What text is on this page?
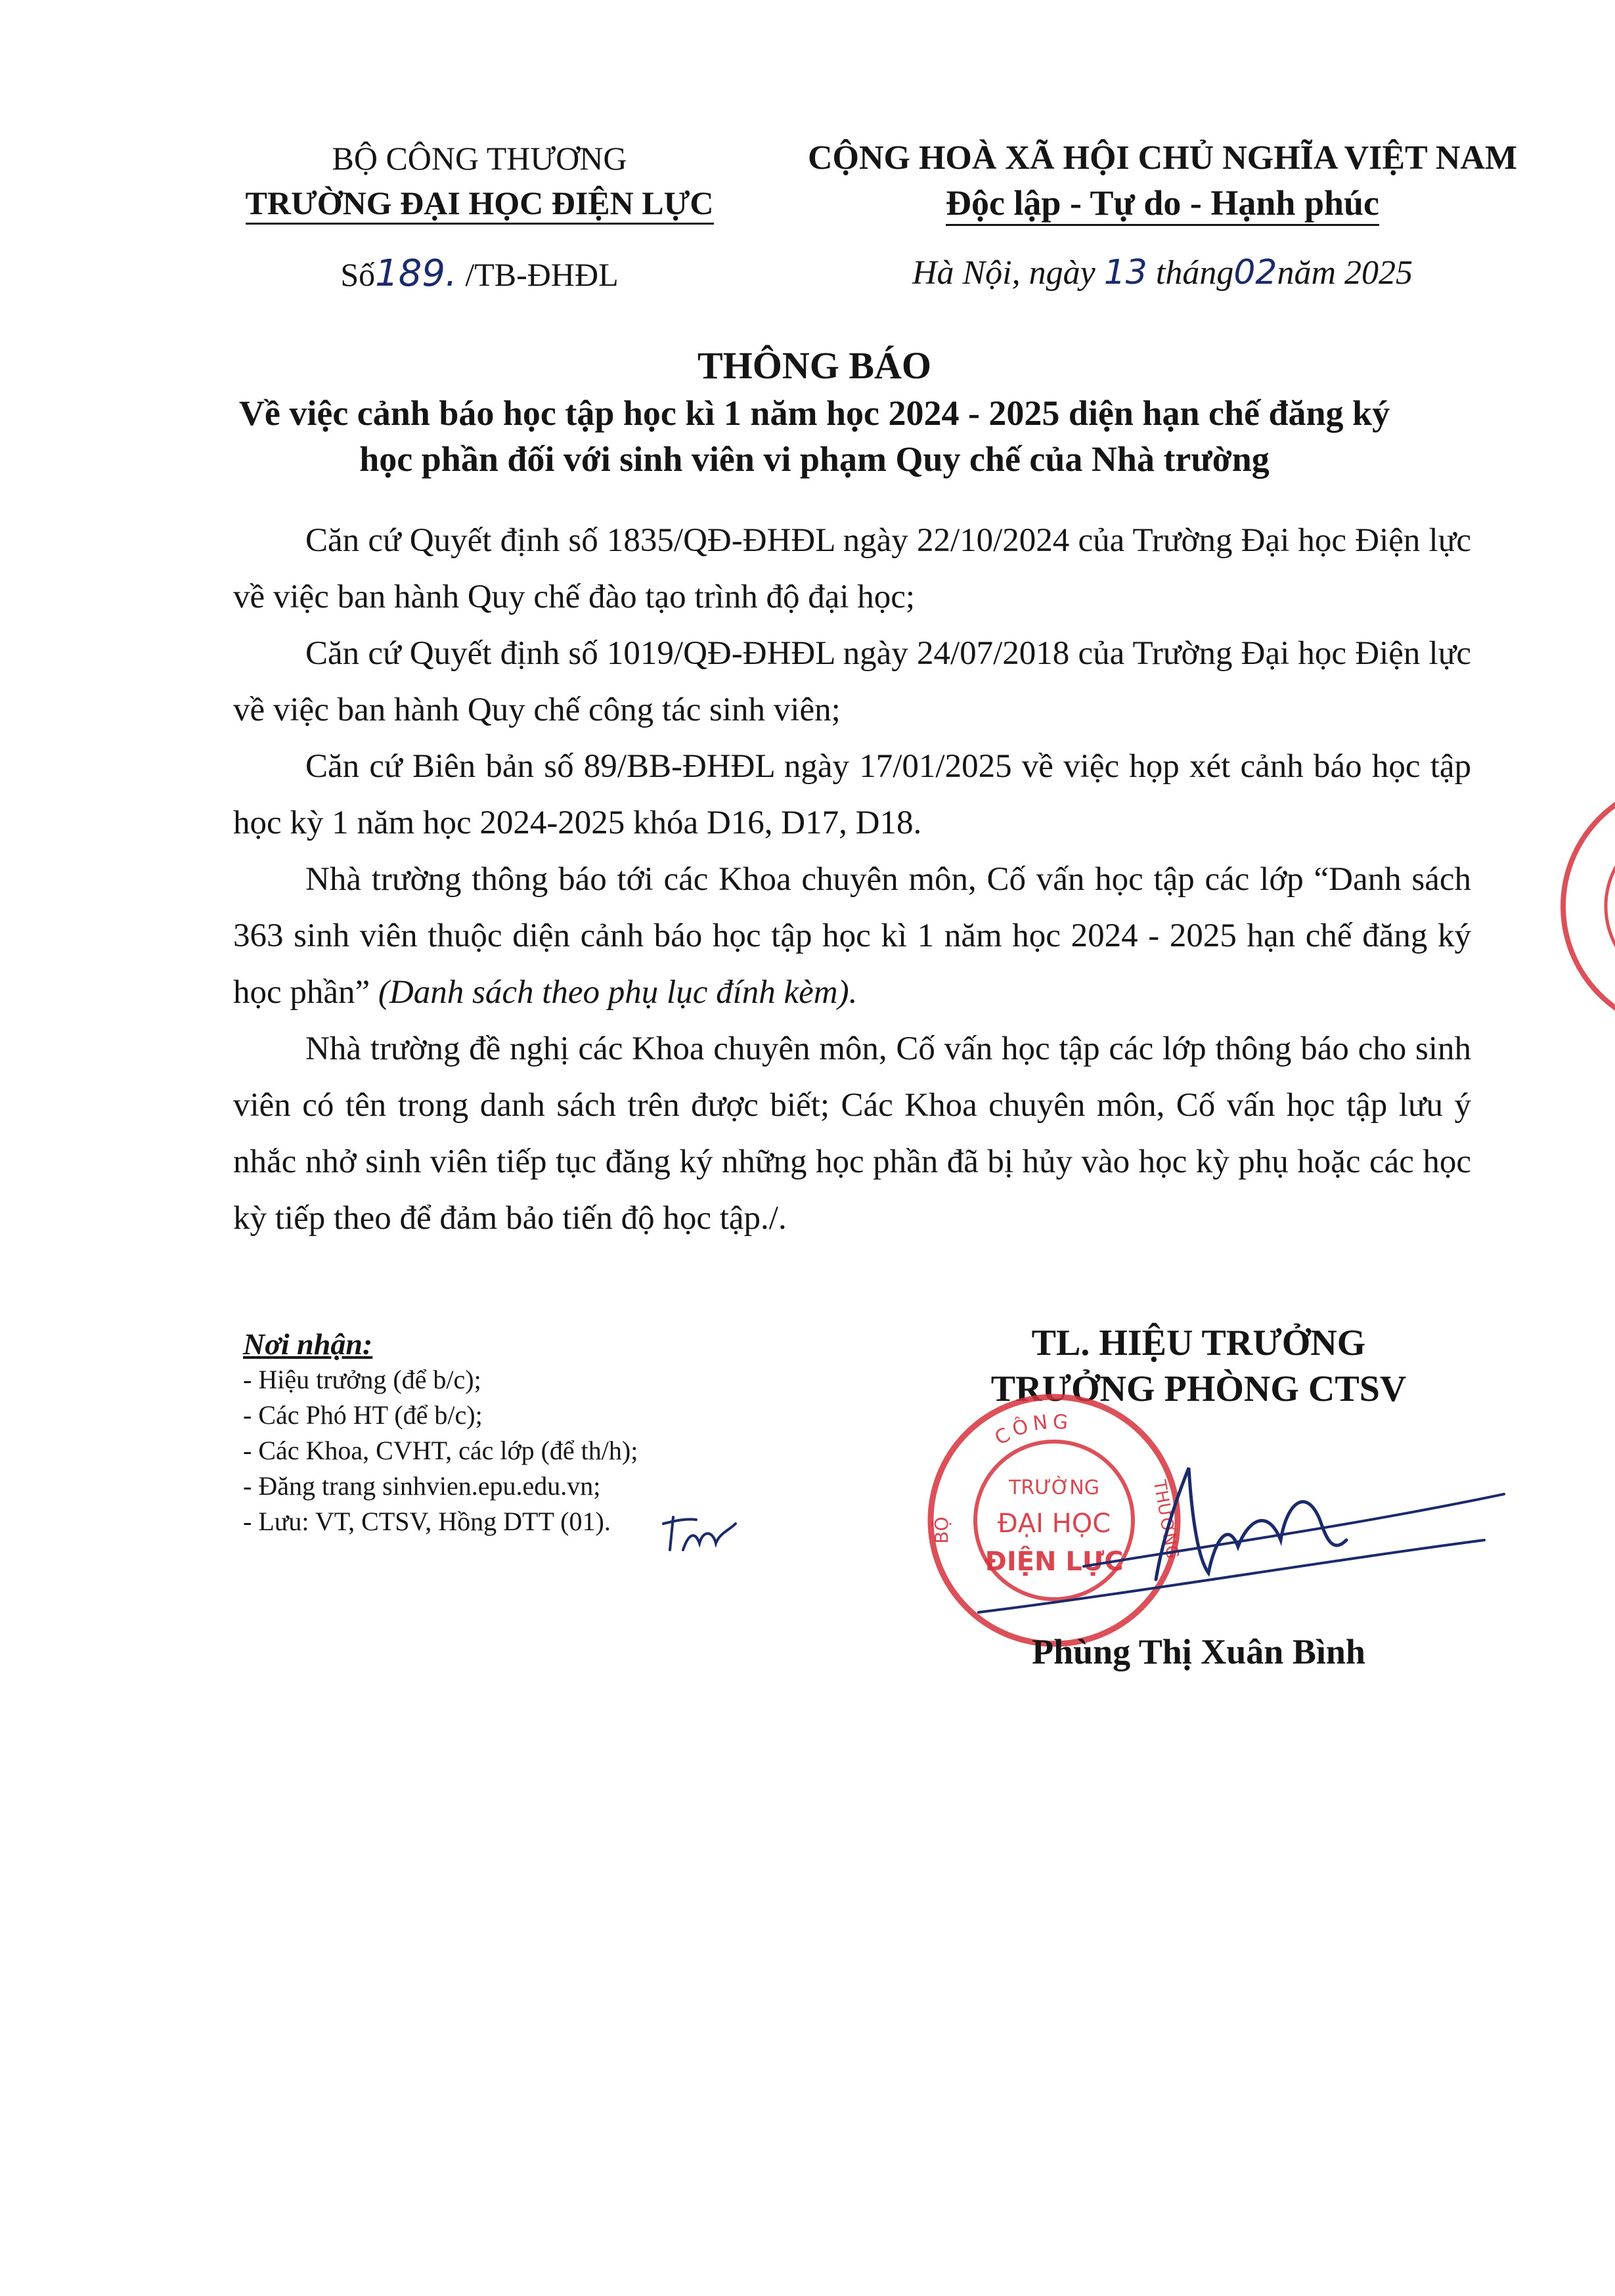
BỘ CÔNG THƯƠNG
TRƯỜNG ĐẠI HỌC ĐIỆN LỰC
Số189. /TB-ĐHĐL
CỘNG HOÀ XÃ HỘI CHỦ NGHĨA VIỆT NAM
Độc lập - Tự do - Hạnh phúc
Hà Nội, ngày 13 tháng02năm 2025
THÔNG BÁO
Về việc cảnh báo học tập học kì 1 năm học 2024 - 2025 diện hạn chế đăng ký
học phần đối với sinh viên vi phạm Quy chế của Nhà trường

Căn cứ Quyết định số 1835/QĐ-ĐHĐL ngày 22/10/2024 của Trường Đại học Điện lực về việc ban hành Quy chế đào tạo trình độ đại học;

Căn cứ Quyết định số 1019/QĐ-ĐHĐL ngày 24/07/2018 của Trường Đại học Điện lực về việc ban hành Quy chế công tác sinh viên;

Căn cứ Biên bản số 89/BB-ĐHĐL ngày 17/01/2025 về việc họp xét cảnh báo học tập học kỳ 1 năm học 2024-2025 khóa D16, D17, D18.

Nhà trường thông báo tới các Khoa chuyên môn, Cố vấn học tập các lớp “Danh sách 363 sinh viên thuộc diện cảnh báo học tập học kì 1 năm học 2024 - 2025 hạn chế đăng ký học phần” (Danh sách theo phụ lục đính kèm).

Nhà trường đề nghị các Khoa chuyên môn, Cố vấn học tập các lớp thông báo cho sinh viên có tên trong danh sách trên được biết; Các Khoa chuyên môn, Cố vấn học tập lưu ý nhắc nhở sinh viên tiếp tục đăng ký những học phần đã bị hủy vào học kỳ phụ hoặc các học kỳ tiếp theo để đảm bảo tiến độ học tập./.

Nơi nhận:
- Hiệu trưởng (để b/c);
- Các Phó HT (để b/c);
- Các Khoa, CVHT, các lớp (để th/h);
- Đăng trang sinhvien.epu.edu.vn;
- Lưu: VT, CTSV, Hồng DTT (01).
TL. HIỆU TRƯỞNG
TRƯỞNG PHÒNG CTSV
CÔNG
BỘ	THƯƠNG
TRƯỜNG
ĐẠI HỌC
ĐIỆN LỰC
Phùng Thị Xuân Bình
